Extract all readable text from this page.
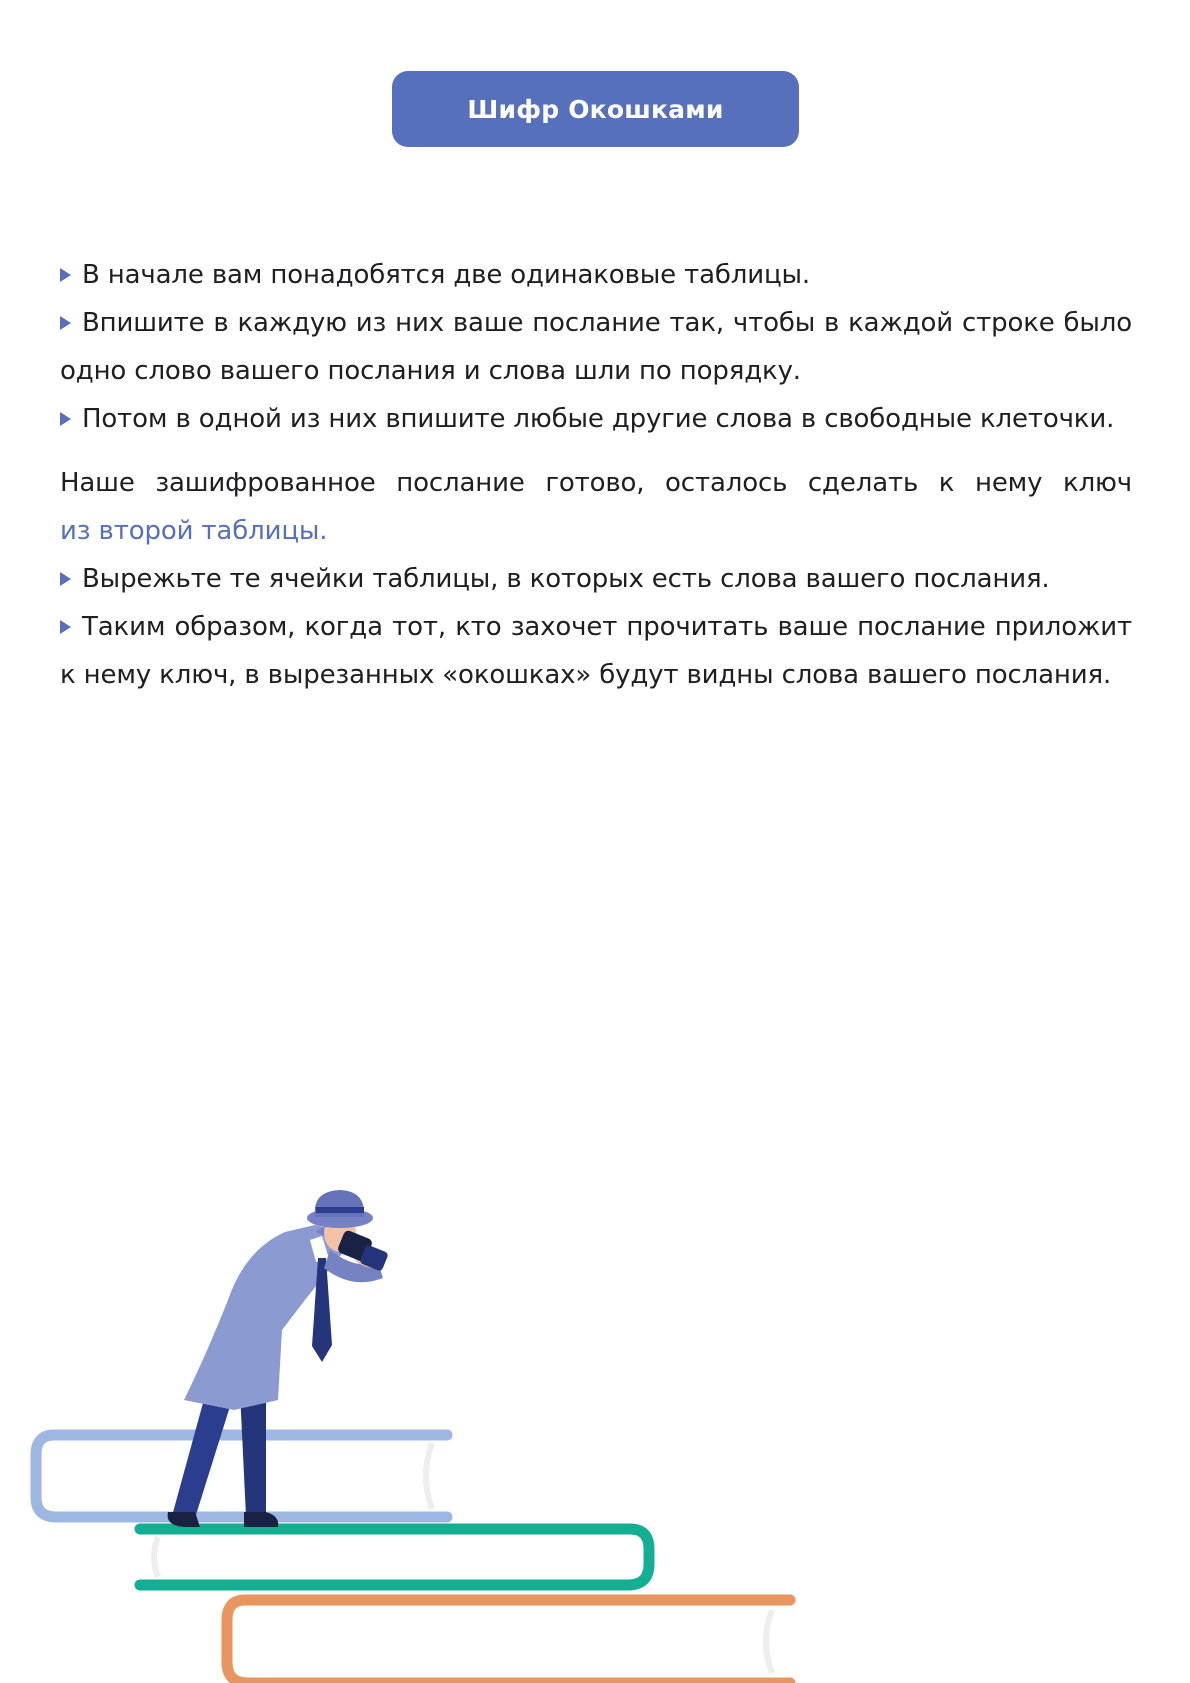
Шифр Окошками

В начале вам понадобятся две одинаковые таблицы.

Впишите в каждую из них ваше послание так, чтобы в каждой строке было

одно слово вашего послания и слова шли по порядку.

Потом в одной из них впишите любые другие слова в свободные клеточки.

Наше зашифрованное послание готово, осталось сделать к нему ключ

из второй таблицы.

Вырежьте те ячейки таблицы, в которых есть слова вашего послания.

Таким образом, когда тот, кто захочет прочитать ваше послание приложит

к нему ключ, в вырезанных «окошках» будут видны слова вашего послания.
